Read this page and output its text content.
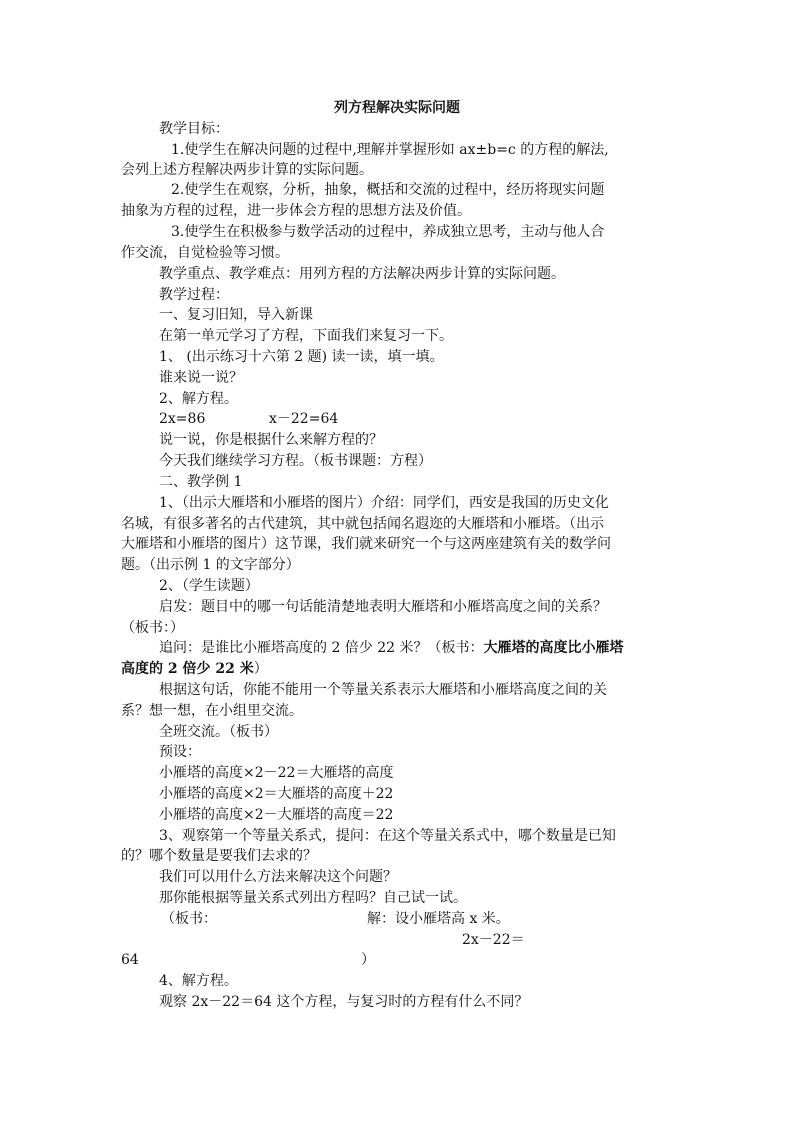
列方程解决实际问题
教学目标：
1.使学生在解决问题的过程中,理解并掌握形如 ax±b=c 的方程的解法,
会列上述方程解决两步计算的实际问题。
2.使学生在观察，分析，抽象，概括和交流的过程中，经历将现实问题
抽象为方程的过程，进一步体会方程的思想方法及价值。
3.使学生在积极参与数学活动的过程中，养成独立思考，主动与他人合
作交流，自觉检验等习惯。
教学重点、教学难点：用列方程的方法解决两步计算的实际问题。
教学过程：
一、复习旧知，导入新课
在第一单元学习了方程，下面我们来复习一下。
1、 (出示练习十六第 2 题) 读一读，填一填。
谁来说一说？
2、解方程。
2x=86	x－22=64
说一说，你是根据什么来解方程的？
今天我们继续学习方程。（板书课题：方程）
二、教学例 1
1、（出示大雁塔和小雁塔的图片）介绍：同学们，西安是我国的历史文化
名城，有很多著名的古代建筑，其中就包括闻名遐迩的大雁塔和小雁塔。（出示
大雁塔和小雁塔的图片）这节课，我们就来研究一个与这两座建筑有关的数学问
题。（出示例 1 的文字部分）
2、（学生读题）
启发：题目中的哪一句话能清楚地表明大雁塔和小雁塔高度之间的关系？
（板书：）
追问：是谁比小雁塔高度的 2 倍少 22 米？（板书：大雁塔的高度比小雁塔
高度的 2 倍少 22 米）
根据这句话，你能不能用一个等量关系表示大雁塔和小雁塔高度之间的关
系？想一想，在小组里交流。
全班交流。（板书）
预设：
小雁塔的高度×2－22＝大雁塔的高度
小雁塔的高度×2＝大雁塔的高度＋22
小雁塔的高度×2－大雁塔的高度＝22
3、观察第一个等量关系式，提问：在这个等量关系式中，哪个数量是已知
的？哪个数量是要我们去求的？
我们可以用什么方法来解决这个问题？
那你能根据等量关系式列出方程吗？自己试一试。
（板书：	解：设小雁塔高 x 米。
2x－22＝
64	）
4、解方程。
观察 2x－22＝64 这个方程，与复习时的方程有什么不同？
